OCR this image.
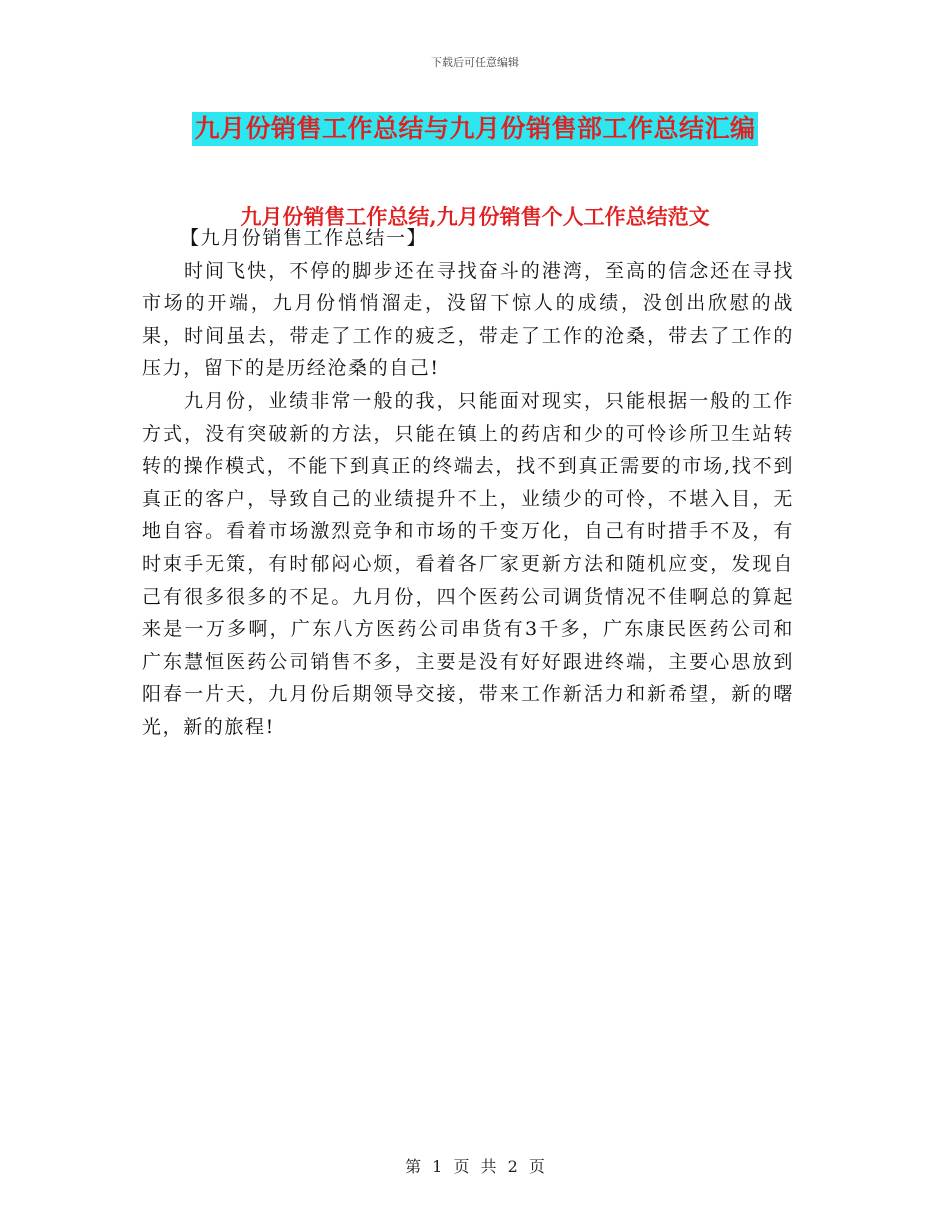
下载后可任意编辑
九月份销售工作总结与九月份销售部工作总结汇编
九月份销售工作总结,九月份销售个人工作总结范文

【九月份销售工作总结一】

时间飞快，不停的脚步还在寻找奋斗的港湾，至高的信念还在寻找市场的开端，九月份悄悄溜走，没留下惊人的成绩，没创出欣慰的战果，时间虽去，带走了工作的疲乏，带走了工作的沧桑，带去了工作的压力，留下的是历经沧桑的自己!

九月份，业绩非常一般的我，只能面对现实，只能根据一般的工作方式，没有突破新的方法，只能在镇上的药店和少的可怜诊所卫生站转转的操作模式，不能下到真正的终端去，找不到真正需要的市场,找不到真正的客户，导致自己的业绩提升不上，业绩少的可怜，不堪入目，无地自容。看着市场激烈竞争和市场的千变万化，自己有时措手不及，有时束手无策，有时郁闷心烦，看着各厂家更新方法和随机应变，发现自己有很多很多的不足。九月份，四个医药公司调货情况不佳啊总的算起来是一万多啊，广东八方医药公司串货有3千多，广东康民医药公司和广东慧恒医药公司销售不多，主要是没有好好跟进终端，主要心思放到阳春一片天，九月份后期领导交接，带来工作新活力和新希望，新的曙光，新的旅程!

第 1 页 共 2 页
